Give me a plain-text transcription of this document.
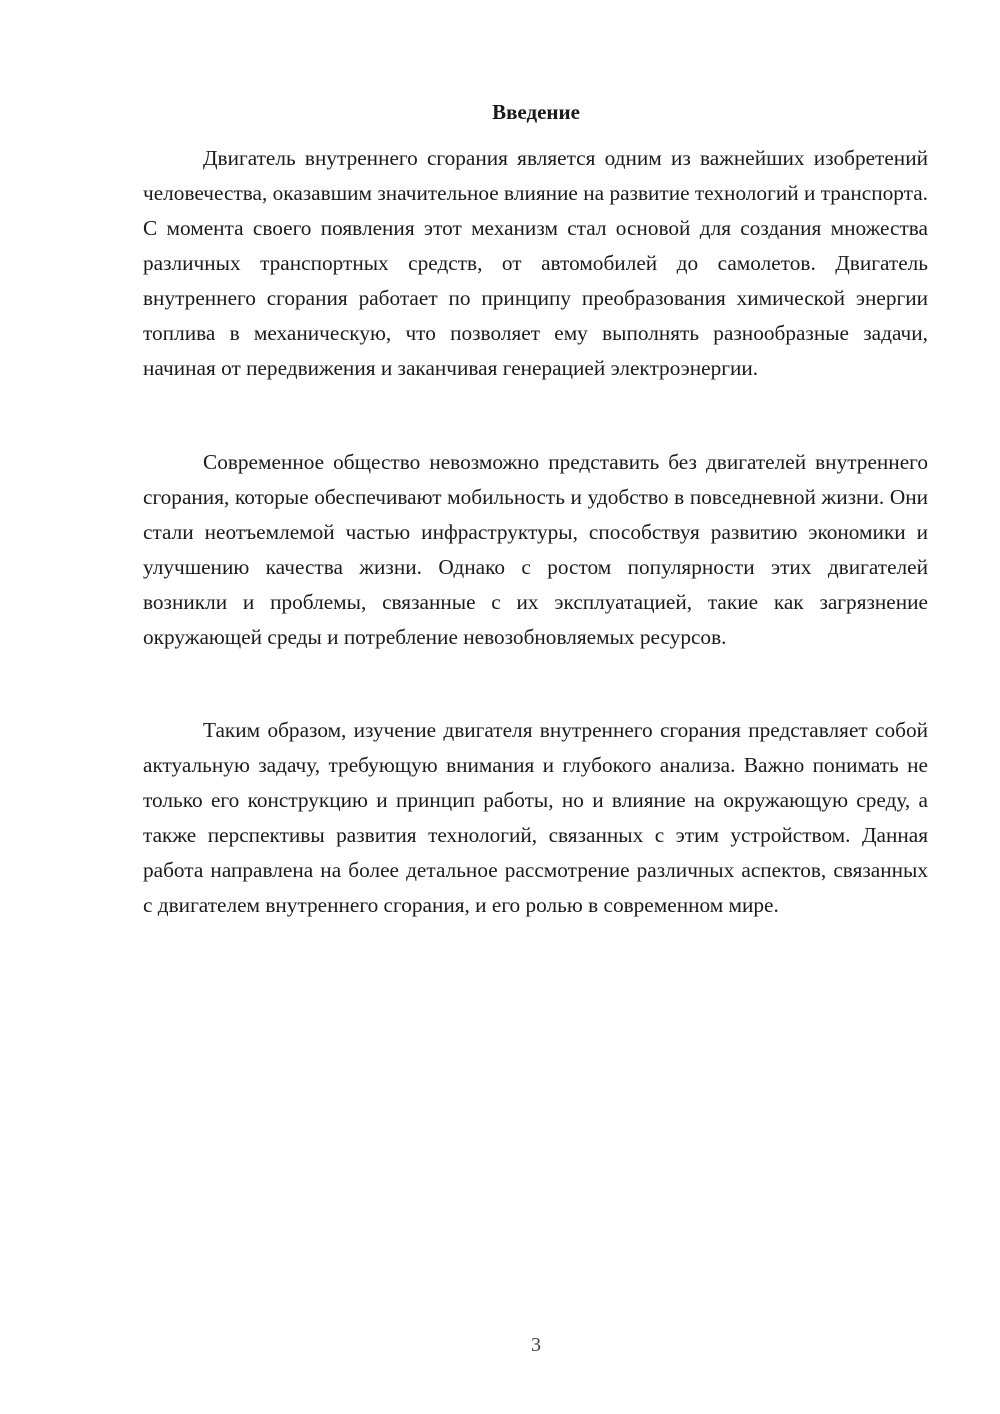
Введение

Двигатель внутреннего сгорания является одним из важнейших изобретений человечества, оказавшим значительное влияние на развитие технологий и транспорта. С момента своего появления этот механизм стал основой для создания множества различных транспортных средств, от автомобилей до самолетов. Двигатель внутреннего сгорания работает по принципу преобразования химической энергии топлива в механическую, что позволяет ему выполнять разнообразные задачи, начиная от передвижения и заканчивая генерацией электроэнергии.

Современное общество невозможно представить без двигателей внутреннего сгорания, которые обеспечивают мобильность и удобство в повседневной жизни. Они стали неотъемлемой частью инфраструктуры, способствуя развитию экономики и улучшению качества жизни. Однако с ростом популярности этих двигателей возникли и проблемы, связанные с их эксплуатацией, такие как загрязнение окружающей среды и потребление невозобновляемых ресурсов.

Таким образом, изучение двигателя внутреннего сгорания представляет собой актуальную задачу, требующую внимания и глубокого анализа. Важно понимать не только его конструкцию и принцип работы, но и влияние на окружающую среду, а также перспективы развития технологий, связанных с этим устройством. Данная работа направлена на более детальное рассмотрение различных аспектов, связанных с двигателем внутреннего сгорания, и его ролью в современном мире.

3
